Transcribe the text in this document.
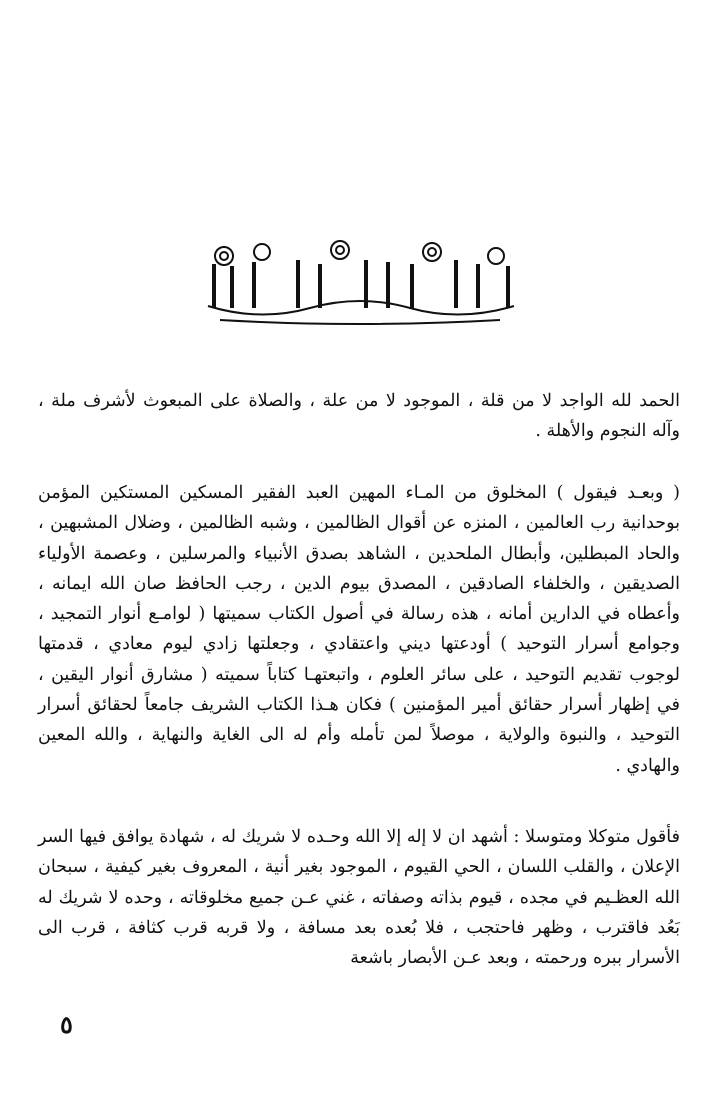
الحمد لله الواجد لا من قلة ، الموجود لا من علة ، والصلاة على المبعوث لأشرف ملة ، وآله النجوم والأهلة .

( وبعـد فيقول ) المخلوق من المـاء المهين العبد الفقير المسكين المستكين المؤمن بوحدانية رب العالمين ، المنزه عن أقوال الظالمين ، وشبه الظالمين ، وضلال المشبهين ، والحاد المبطلين، وأبطال الملحدين ، الشاهد بصدق الأنبياء والمرسلين ، وعصمة الأولياء الصديقين ، والخلفاء الصادقين ، المصدق بيوم الدين ، رجب الحافظ صان الله ايمانه ، وأعطاه في الدارين أمانه ، هذه رسالة في أصول الكتاب سميتها ( لوامـع أنوار التمجيد ، وجوامع أسرار التوحيد ) أودعتها ديني واعتقادي ، وجعلتها زادي ليوم معادي ، قدمتها لوجوب تقديم التوحيد ، على سائر العلوم ، واتبعتهـا كتاباً سميته ( مشارق أنوار اليقين ، في إظهار أسرار حقائق أمير المؤمنين ) فكان هـذا الكتاب الشريف جامعاً لحقائق أسرار التوحيد ، والنبوة والولاية ، موصلاً لمن تأمله وأم له الى الغاية والنهاية ، والله المعين والهادي .

فأقول متوكلا ومتوسلا : أشهد ان لا إله إلا الله وحـده لا شريك له ، شهادة يوافق فيها السر الإعلان ، والقلب اللسان ، الحي القيوم ، الموجود بغير أنية ، المعروف بغير كيفية ، سبحان الله العظـيم في مجده ، قيوم بذاته وصفاته ، غني عـن جميع مخلوقاته ، وحده لا شريك له بَعُد فاقترب ، وظهر فاحتجب ، فلا بُعده بعد مسافة ، ولا قربه قرب كثافة ، قرب الى الأسرار ببره ورحمته ، وبعد عـن الأبصار باشعة

٥
